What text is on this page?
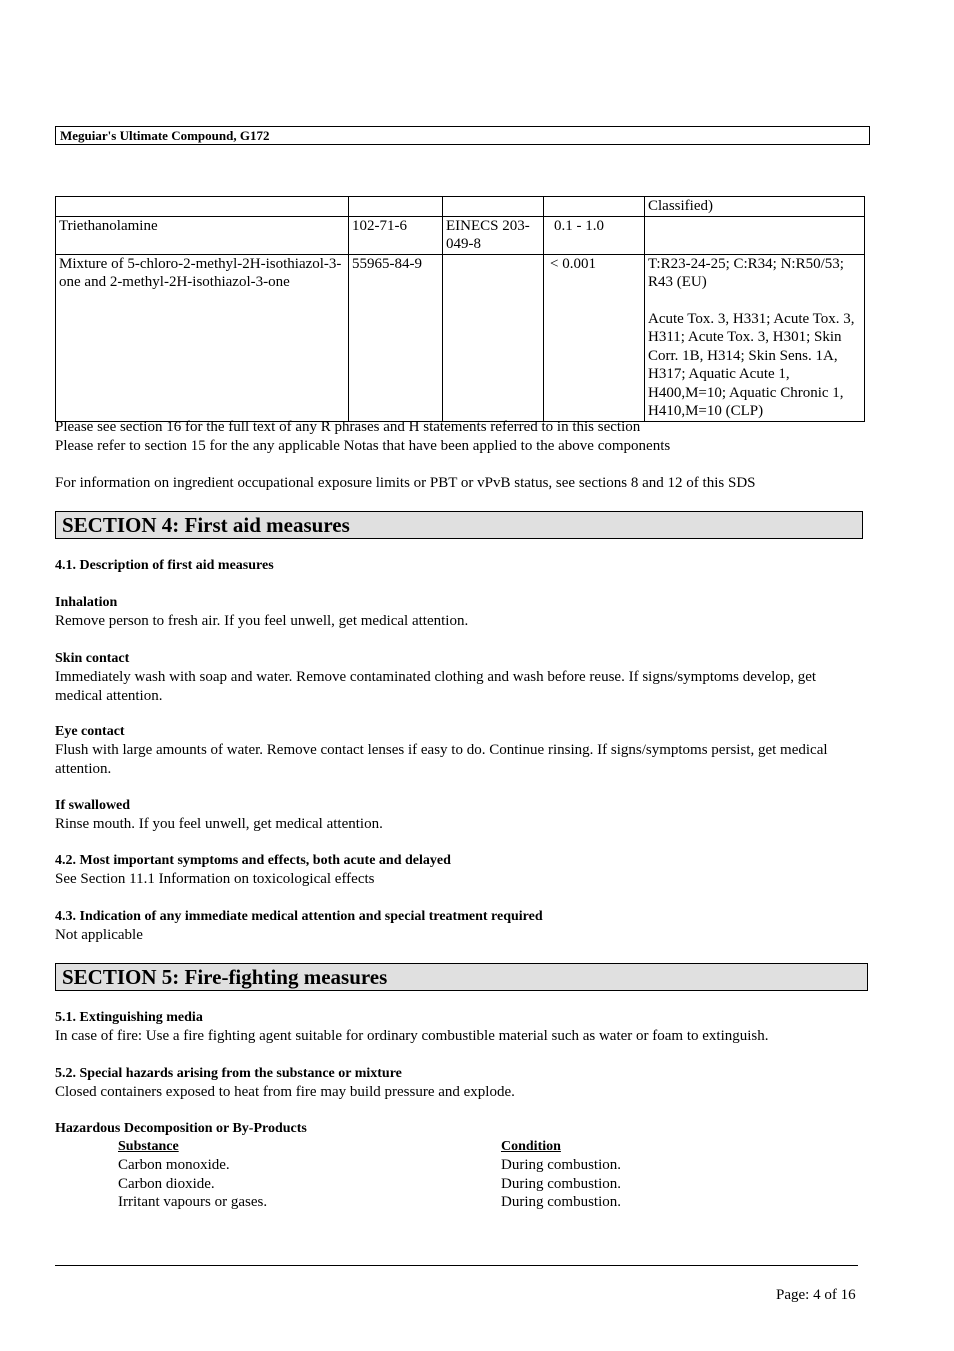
Meguiar's Ultimate Compound, G172
				Classified)
Triethanolamine	102-71-6	EINECS 203-049-8	0.1 - 1.0	
Mixture of 5-chloro-2-methyl-2H-isothiazol-3-one and 2-methyl-2H-isothiazol-3-one	55965-84-9		< 0.001	T:R23-24-25; C:R34; N:R50/53; R43 (EU)
Acute Tox. 3, H331; Acute Tox. 3, H311; Acute Tox. 3, H301; Skin Corr. 1B, H314; Skin Sens. 1A, H317; Aquatic Acute 1, H400,M=10; Aquatic Chronic 1, H410,M=10 (CLP)
Please see section 16 for the full text of any R phrases and H statements referred to in this section
Please refer to section 15 for the any applicable Notas that have been applied to the above components
For information on ingredient occupational exposure limits or PBT or vPvB status, see sections 8 and 12 of this SDS
SECTION 4: First aid measures
4.1. Description of first aid measures
Inhalation
Remove person to fresh air. If you feel unwell, get medical attention.
Skin contact
Immediately wash with soap and water. Remove contaminated clothing and wash before reuse. If signs/symptoms develop, get medical attention.
Eye contact
Flush with large amounts of water. Remove contact lenses if easy to do. Continue rinsing. If signs/symptoms persist, get medical attention.
If swallowed
Rinse mouth. If you feel unwell, get medical attention.
4.2. Most important symptoms and effects, both acute and delayed
See Section 11.1 Information on toxicological effects
4.3. Indication of any immediate medical attention and special treatment required
Not applicable
SECTION 5: Fire-fighting measures
5.1. Extinguishing media
In case of fire: Use a fire fighting agent suitable for ordinary combustible material such as water or foam to extinguish.
5.2. Special hazards arising from the substance or mixture
Closed containers exposed to heat from fire may build pressure and explode.
Hazardous Decomposition or By-Products
Substance	Condition
Carbon monoxide.	During combustion.
Carbon dioxide.	During combustion.
Irritant vapours or gases.	During combustion.
Page: 4 of 16
